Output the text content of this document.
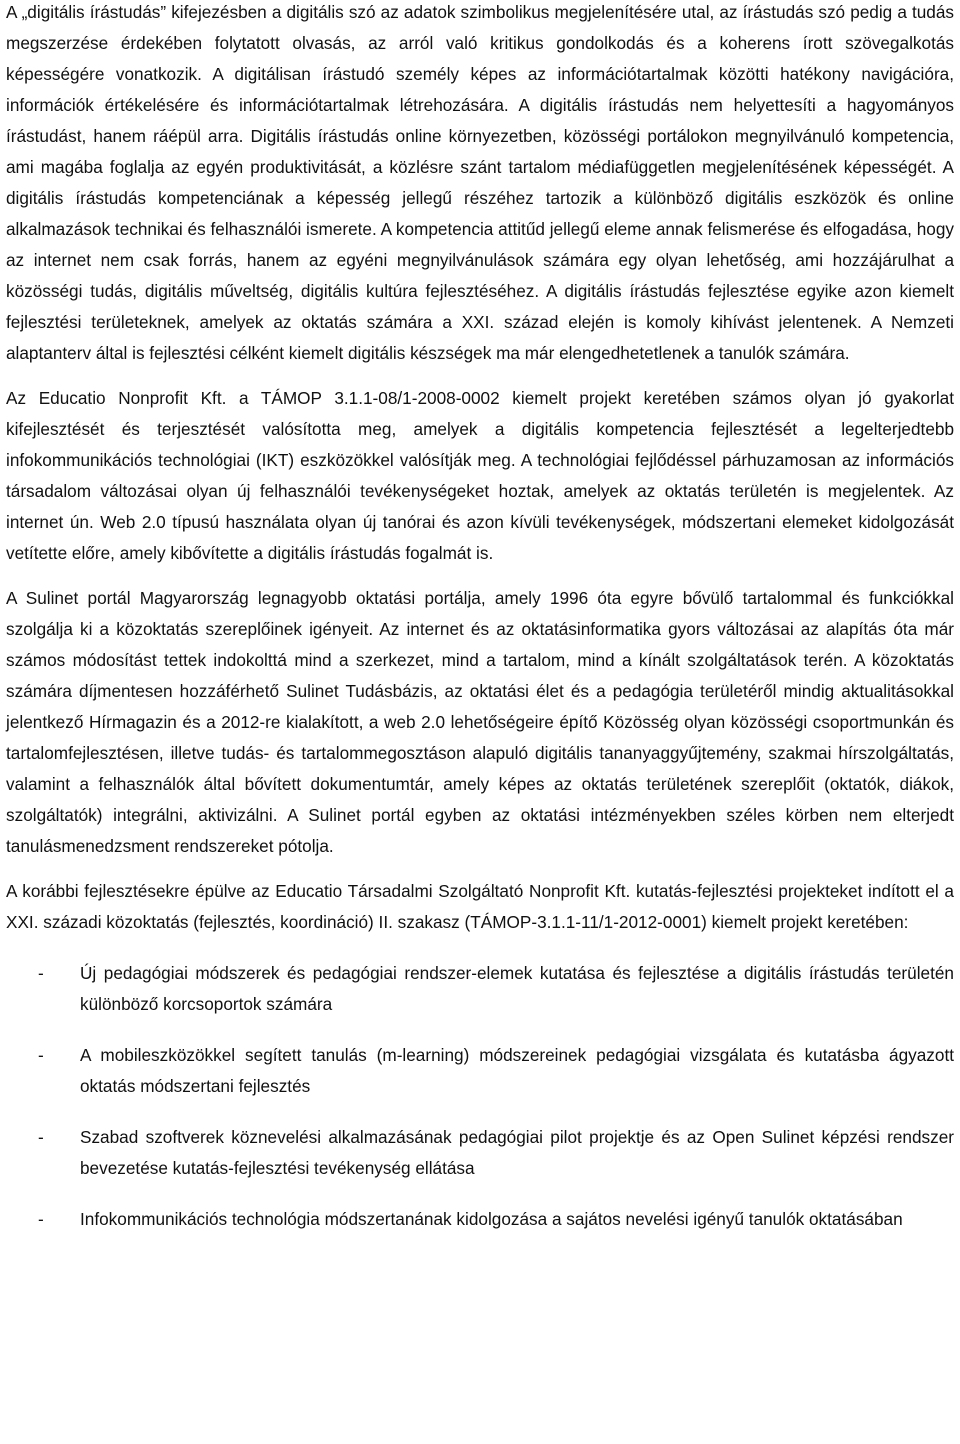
A „digitális írástudás” kifejezésben a digitális szó az adatok szimbolikus megjelenítésére utal, az írástudás szó pedig a tudás megszerzése érdekében folytatott olvasás, az arról való kritikus gondolkodás és a koherens írott szövegalkotás képességére vonatkozik. A digitálisan írástudó személy képes az információtartalmak közötti hatékony navigációra, információk értékelésére és információtartalmak létrehozására. A digitális írástudás nem helyettesíti a hagyományos írástudást, hanem ráépül arra. Digitális írástudás online környezetben, közösségi portálokon megnyilvánuló kompetencia, ami magába foglalja az egyén produktivitását, a közlésre szánt tartalom médiafüggetlen megjelenítésének képességét. A digitális írástudás kompetenciának a képesség jellegű részéhez tartozik a különböző digitális eszközök és online alkalmazások technikai és felhasználói ismerete. A kompetencia attitűd jellegű eleme annak felismerése és elfogadása, hogy az internet nem csak forrás, hanem az egyéni megnyilvánulások számára egy olyan lehetőség, ami hozzájárulhat a közösségi tudás, digitális műveltség, digitális kultúra fejlesztéséhez. A digitális írástudás fejlesztése egyike azon kiemelt fejlesztési területeknek, amelyek az oktatás számára a XXI. század elején is komoly kihívást jelentenek. A Nemzeti alaptanterv által is fejlesztési célként kiemelt digitális készségek ma már elengedhetetlenek a tanulók számára.

Az Educatio Nonprofit Kft. a TÁMOP 3.1.1-08/1-2008-0002 kiemelt projekt keretében számos olyan jó gyakorlat kifejlesztését és terjesztését valósította meg, amelyek a digitális kompetencia fejlesztését a legelterjedtebb infokommunikációs technológiai (IKT) eszközökkel valósítják meg. A technológiai fejlődéssel párhuzamosan az információs társadalom változásai olyan új felhasználói tevékenységeket hoztak, amelyek az oktatás területén is megjelentek. Az internet ún. Web 2.0 típusú használata olyan új tanórai és azon kívüli tevékenységek, módszertani elemeket kidolgozását vetítette előre, amely kibővítette a digitális írástudás fogalmát is.

A Sulinet portál Magyarország legnagyobb oktatási portálja, amely 1996 óta egyre bővülő tartalommal és funkciókkal szolgálja ki a közoktatás szereplőinek igényeit. Az internet és az oktatásinformatika gyors változásai az alapítás óta már számos módosítást tettek indokolttá mind a szerkezet, mind a tartalom, mind a kínált szolgáltatások terén. A közoktatás számára díjmentesen hozzáférhető Sulinet Tudásbázis, az oktatási élet és a pedagógia területéről mindig aktualitásokkal jelentkező Hírmagazin és a 2012-re kialakított, a web 2.0 lehetőségeire építő Közösség olyan közösségi csoportmunkán és tartalomfejlesztésen, illetve tudás- és tartalommegosztáson alapuló digitális tananyaggyűjtemény, szakmai hírszolgáltatás, valamint a felhasználók által bővített dokumentumtár, amely képes az oktatás területének szereplőit (oktatók, diákok, szolgáltatók) integrálni, aktivizálni. A Sulinet portál egyben az oktatási intézményekben széles körben nem elterjedt tanulásmenedzsment rendszereket pótolja.

A korábbi fejlesztésekre épülve az Educatio Társadalmi Szolgáltató Nonprofit Kft. kutatás-fejlesztési projekteket indított el a XXI. századi közoktatás (fejlesztés, koordináció) II. szakasz (TÁMOP-3.1.1-11/1-2012-0001) kiemelt projekt keretében:

- Új pedagógiai módszerek és pedagógiai rendszer-elemek kutatása és fejlesztése a digitális írástudás területén különböző korcsoportok számára
- A mobileszközökkel segített tanulás (m-learning) módszereinek pedagógiai vizsgálata és kutatásba ágyazott oktatás módszertani fejlesztés
- Szabad szoftverek köznevelési alkalmazásának pedagógiai pilot projektje és az Open Sulinet képzési rendszer bevezetése kutatás-fejlesztési tevékenység ellátása
- Infokommunikációs technológia módszertanának kidolgozása a sajátos nevelési igényű tanulók oktatásában
